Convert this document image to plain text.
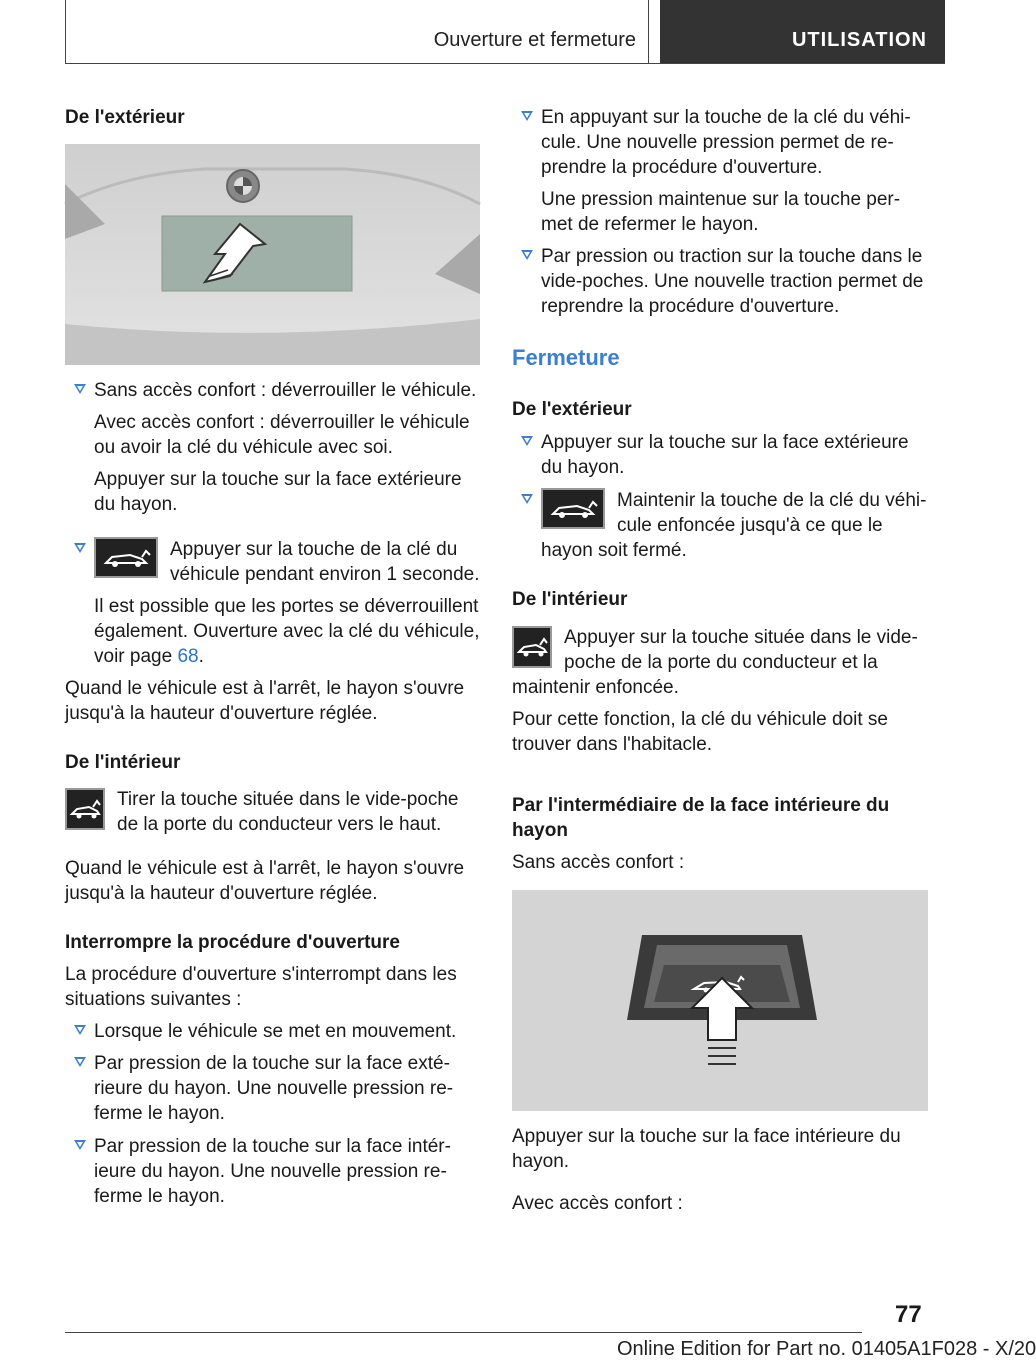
Ouverture et fermeture	UTILISATION
De l'extérieur
Sans accès confort : déverrouiller le véhicule.
Avec accès confort : déverrouiller le véhicule
ou avoir la clé du véhicule avec soi.
Appuyer sur la touche sur la face extérieure
du hayon.
Appuyer sur la touche de la clé du
véhicule pendant environ 1 seconde.
Il est possible que les portes se déverrouillent
également. Ouverture avec la clé du véhicule,
voir page 68.
Quand le véhicule est à l'arrêt, le hayon s'ouvre
jusqu'à la hauteur d'ouverture réglée.
De l'intérieur
Tirer la touche située dans le vide-poche
de la porte du conducteur vers le haut.
Quand le véhicule est à l'arrêt, le hayon s'ouvre
jusqu'à la hauteur d'ouverture réglée.
Interrompre la procédure d'ouverture
La procédure d'ouverture s'interrompt dans les
situations suivantes :
Lorsque le véhicule se met en mouvement.
Par pression de la touche sur la face exté-
rieure du hayon. Une nouvelle pression re-
ferme le hayon.
Par pression de la touche sur la face intér-
ieure du hayon. Une nouvelle pression re-
ferme le hayon.
En appuyant sur la touche de la clé du véhi-
cule. Une nouvelle pression permet de re-
prendre la procédure d'ouverture.
Une pression maintenue sur la touche per-
met de refermer le hayon.
Par pression ou traction sur la touche dans le
vide-poches. Une nouvelle traction permet de
reprendre la procédure d'ouverture.
Fermeture
De l'extérieur
Appuyer sur la touche sur la face extérieure
du hayon.
Maintenir la touche de la clé du véhi-
cule enfoncée jusqu'à ce que le
hayon soit fermé.
De l'intérieur
Appuyer sur la touche située dans le vide-
poche de la porte du conducteur et la
maintenir enfoncée.
Pour cette fonction, la clé du véhicule doit se
trouver dans l'habitacle.
Par l'intermédiaire de la face intérieure du
hayon
Sans accès confort :
Appuyer sur la touche sur la face intérieure du
hayon.
Avec accès confort :
77
Online Edition for Part no. 01405A1F028 - X/20
